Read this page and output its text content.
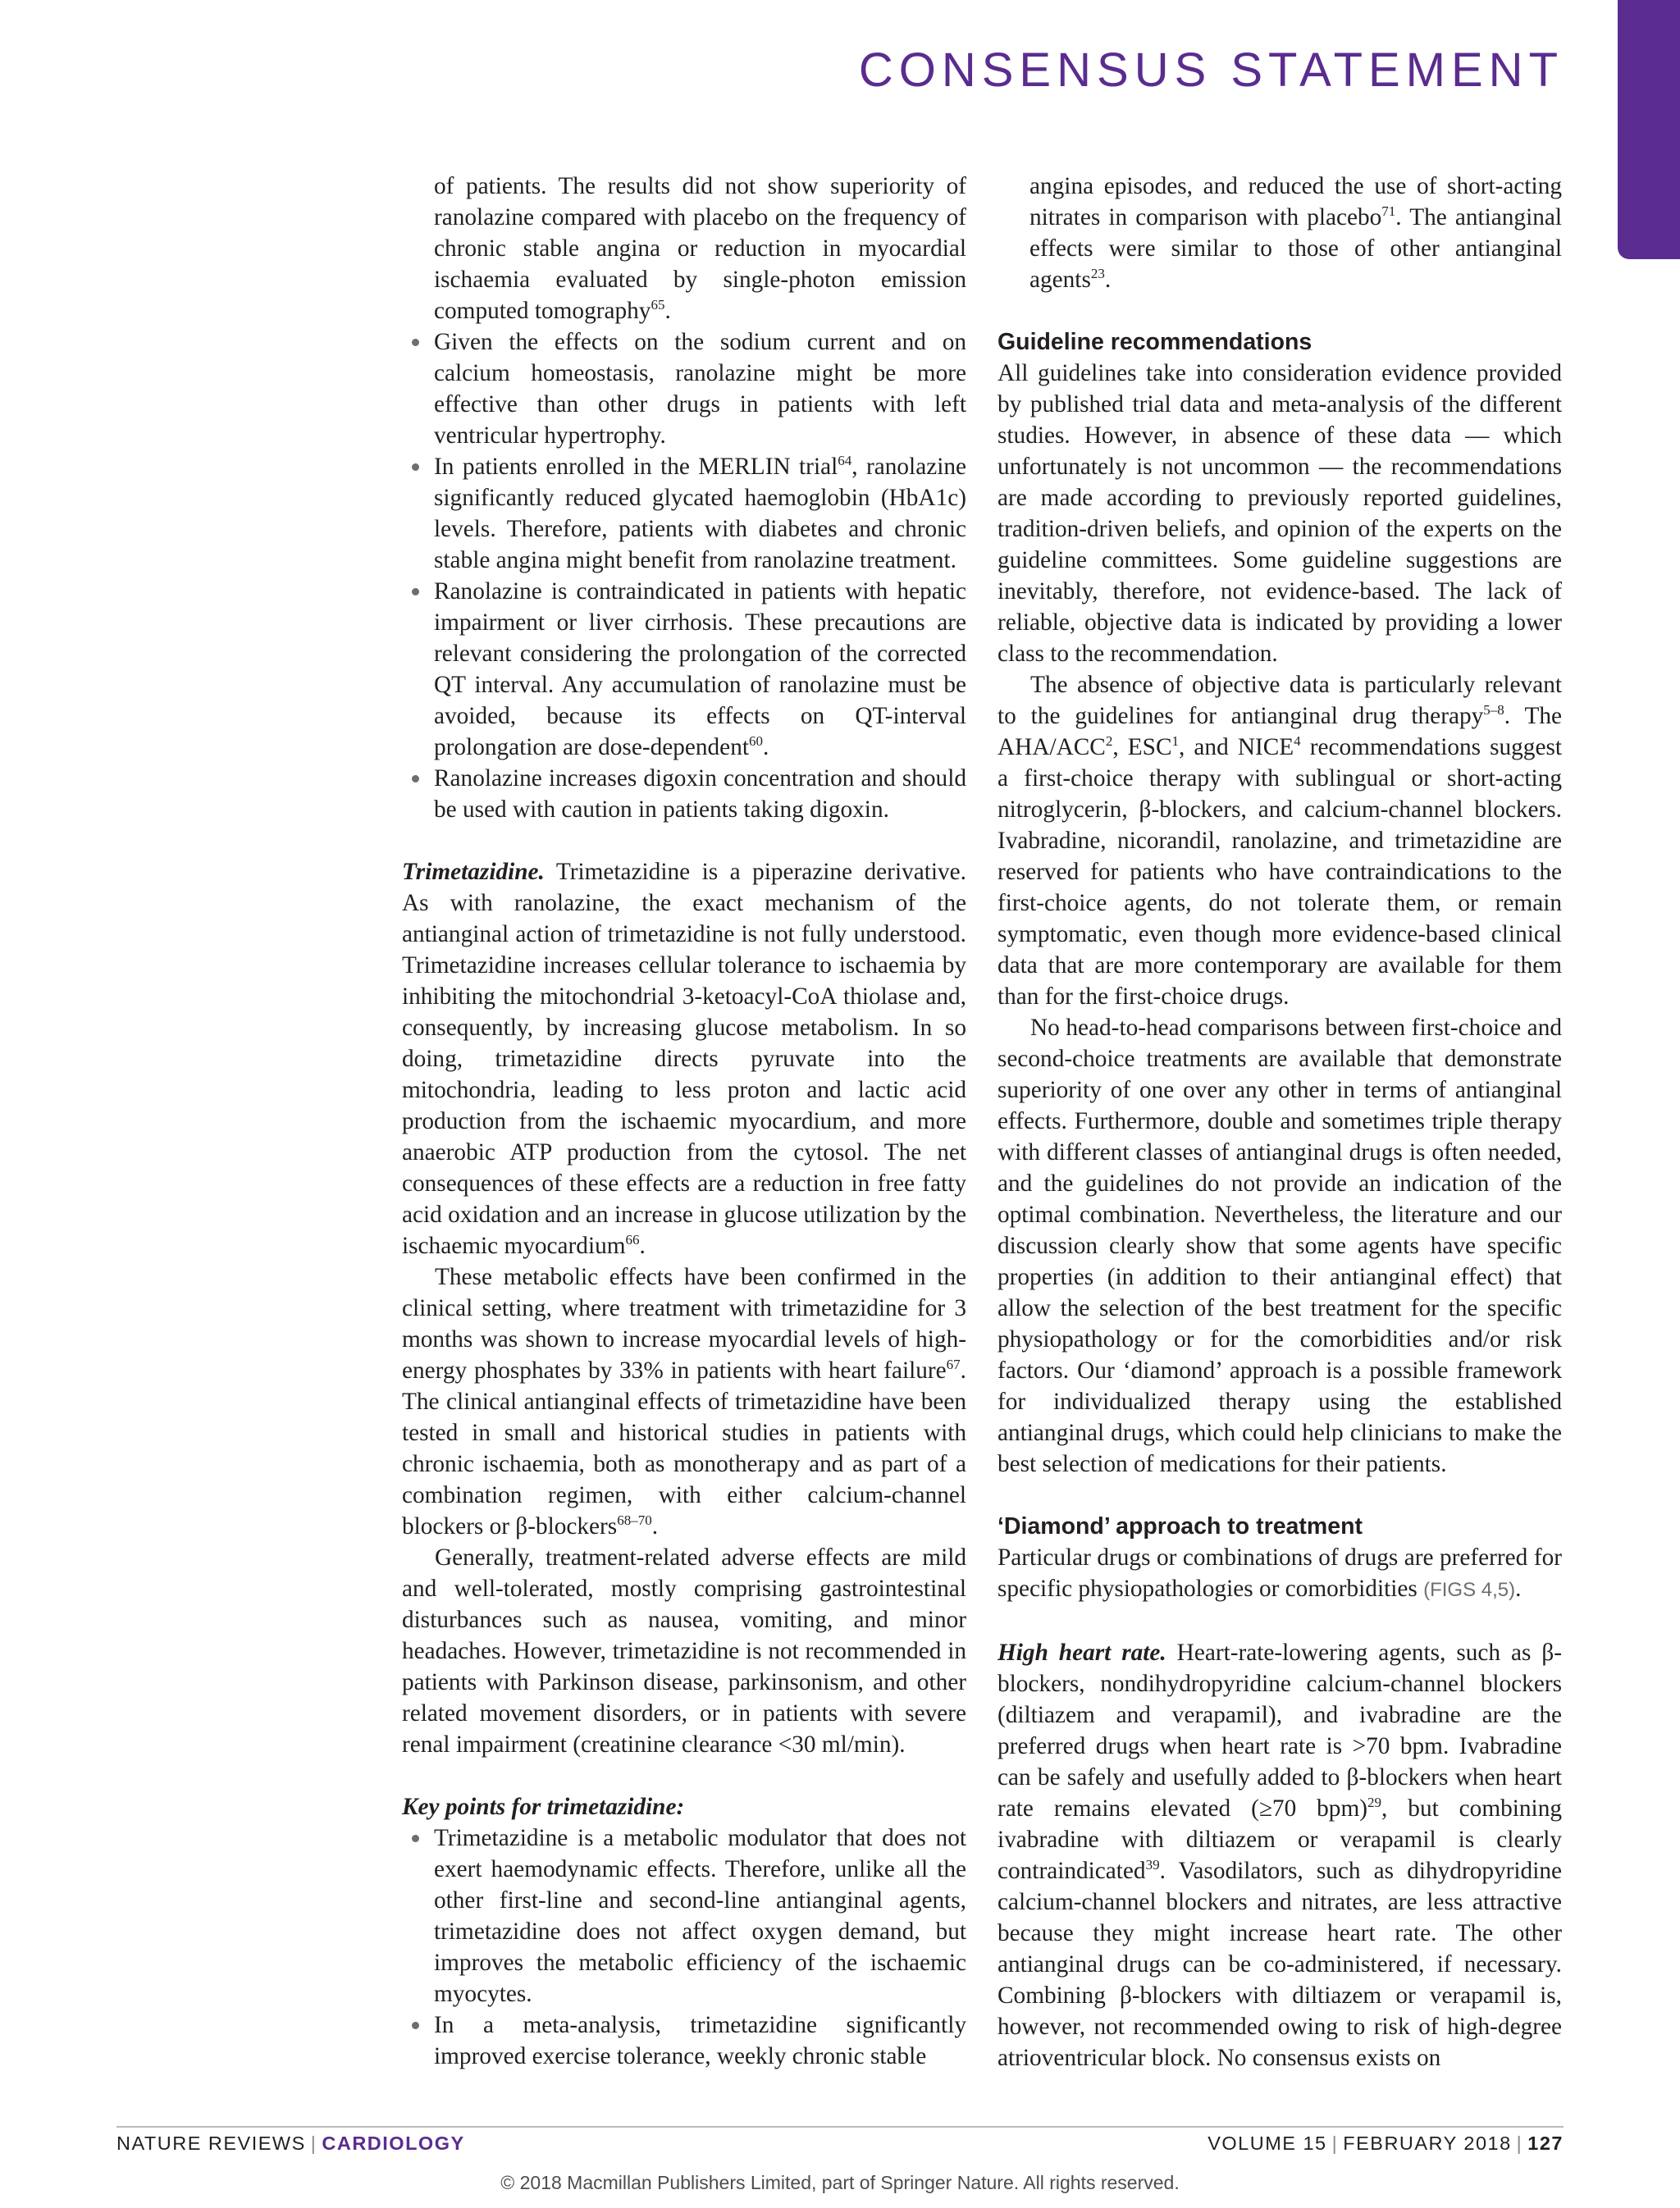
CONSENSUS STATEMENT

of patients. The results did not show superiority of ranolazine compared with placebo on the frequency of chronic stable angina or reduction in myocardial ischaemia evaluated by single-photon emission computed tomography$^{65}$.

Given the effects on the sodium current and on calcium homeostasis, ranolazine might be more effective than other drugs in patients with left ventricular hypertrophy.
In patients enrolled in the MERLIN trial$^{64}$, ranolazine significantly reduced glycated haemoglobin (HbA1c) levels. Therefore, patients with diabetes and chronic stable angina might benefit from ranolazine treatment.
Ranolazine is contraindicated in patients with hepatic impairment or liver cirrhosis. These precautions are relevant considering the prolongation of the corrected QT interval. Any accumulation of ranolazine must be avoided, because its effects on QT-interval prolongation are dose-dependent$^{60}$.
Ranolazine increases digoxin concentration and should be used with caution in patients taking digoxin.

Trimetazidine. Trimetazidine is a piperazine derivative. As with ranolazine, the exact mechanism of the antianginal action of trimetazidine is not fully understood. Trimetazidine increases cellular tolerance to ischaemia by inhibiting the mitochondrial 3-ketoacyl-CoA thiolase and, consequently, by increasing glucose metabolism. In so doing, trimetazidine directs pyruvate into the mitochondria, leading to less proton and lactic acid production from the ischaemic myocardium, and more anaerobic ATP production from the cytosol. The net consequences of these effects are a reduction in free fatty acid oxidation and an increase in glucose utilization by the ischaemic myocardium$^{66}$.

These metabolic effects have been confirmed in the clinical setting, where treatment with trimetazidine for 3 months was shown to increase myocardial levels of high-energy phosphates by 33% in patients with heart failure$^{67}$. The clinical antianginal effects of trimetazidine have been tested in small and historical studies in patients with chronic ischaemia, both as monotherapy and as part of a combination regimen, with either calcium-channel blockers or β-blockers$^{68-70}$.

Generally, treatment-related adverse effects are mild and well-tolerated, mostly comprising gastrointestinal disturbances such as nausea, vomiting, and minor headaches. However, trimetazidine is not recommended in patients with Parkinson disease, parkinsonism, and other related movement disorders, or in patients with severe renal impairment (creatinine clearance <30 ml/min).

Key points for trimetazidine:

Trimetazidine is a metabolic modulator that does not exert haemodynamic effects. Therefore, unlike all the other first-line and second-line antianginal agents, trimetazidine does not affect oxygen demand, but improves the metabolic efficiency of the ischaemic myocytes.
In a meta-analysis, trimetazidine significantly improved exercise tolerance, weekly chronic stable

angina episodes, and reduced the use of short-acting nitrates in comparison with placebo$^{71}$. The antianginal effects were similar to those of other antianginal agents$^{23}$.

Guideline recommendations

All guidelines take into consideration evidence provided by published trial data and meta-analysis of the different studies. However, in absence of these data — which unfortunately is not uncommon — the recommendations are made according to previously reported guidelines, tradition-driven beliefs, and opinion of the experts on the guideline committees. Some guideline suggestions are inevitably, therefore, not evidence-based. The lack of reliable, objective data is indicated by providing a lower class to the recommendation.

The absence of objective data is particularly relevant to the guidelines for antianginal drug therapy$^{5-8}$. The AHA/ACC$^2$, ESC$^1$, and NICE$^4$ recommendations suggest a first-choice therapy with sublingual or short-acting nitroglycerin, β-blockers, and calcium-channel blockers. Ivabradine, nicorandil, ranolazine, and trimetazidine are reserved for patients who have contraindications to the first-choice agents, do not tolerate them, or remain symptomatic, even though more evidence-based clinical data that are more contemporary are available for them than for the first-choice drugs.

No head-to-head comparisons between first-choice and second-choice treatments are available that demonstrate superiority of one over any other in terms of antianginal effects. Furthermore, double and sometimes triple therapy with different classes of antianginal drugs is often needed, and the guidelines do not provide an indication of the optimal combination. Nevertheless, the literature and our discussion clearly show that some agents have specific properties (in addition to their antianginal effect) that allow the selection of the best treatment for the specific physiopathology or for the comorbidities and/or risk factors. Our ‘diamond’ approach is a possible framework for individualized therapy using the established antianginal drugs, which could help clinicians to make the best selection of medications for their patients.

‘Diamond’ approach to treatment

Particular drugs or combinations of drugs are preferred for specific physiopathologies or comorbidities (FIGS 4,5).

High heart rate. Heart-rate-lowering agents, such as β-blockers, nondihydropyridine calcium-channel blockers (diltiazem and verapamil), and ivabradine are the preferred drugs when heart rate is >70 bpm. Ivabradine can be safely and usefully added to β-blockers when heart rate remains elevated (≥70 bpm)$^{29}$, but combining ivabradine with diltiazem or verapamil is clearly contraindicated$^{39}$. Vasodilators, such as dihydropyridine calcium-channel blockers and nitrates, are less attractive because they might increase heart rate. The other antianginal drugs can be co-administered, if necessary. Combining β-blockers with diltiazem or verapamil is, however, not recommended owing to risk of high-degree atrioventricular block. No consensus exists on

NATURE REVIEWS | CARDIOLOGY	VOLUME 15 | FEBRUARY 2018 | 127
© 2018 Macmillan Publishers Limited, part of Springer Nature. All rights reserved.
